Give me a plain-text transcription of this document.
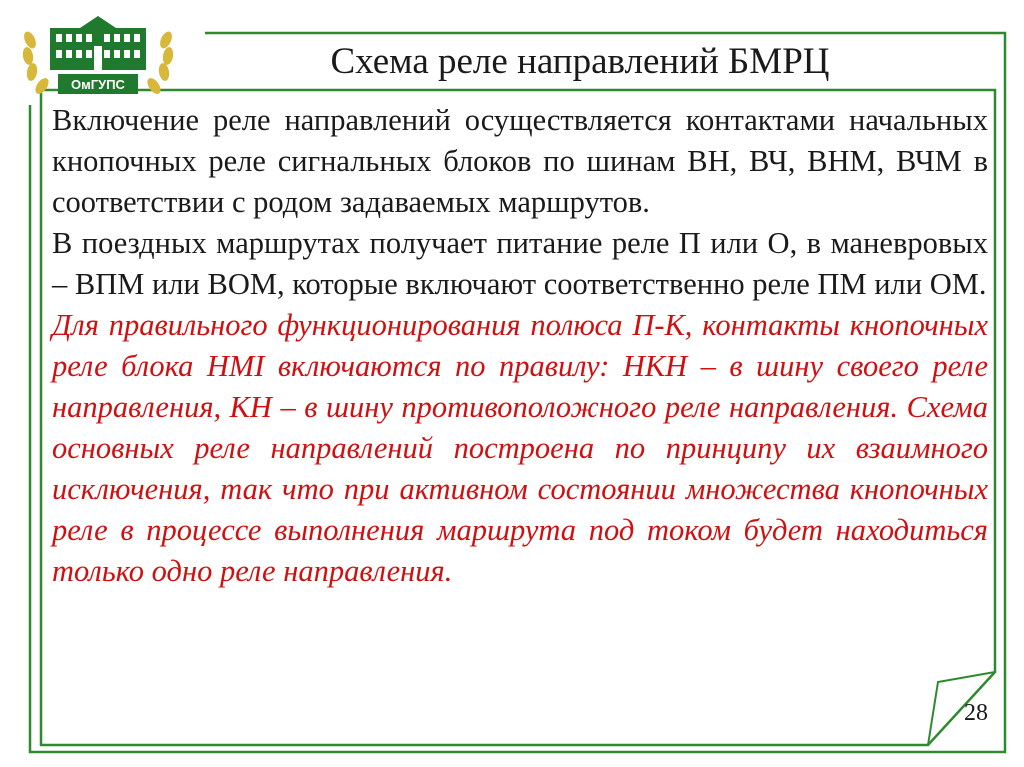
ОмГУПС
Схема реле направлений БМРЦ

Включение реле направлений осуществляется контактами начальных кнопочных реле сигнальных блоков по шинам ВН, ВЧ, ВНМ, ВЧМ в соответствии с родом задаваемых маршрутов.

В поездных маршрутах получает питание реле П или О, в маневровых – ВПМ или ВОМ, которые включают соответственно реле ПМ или ОМ.

Для правильного функционирования полюса П-К, контакты кнопочных реле блока НМІ включаются по правилу: НКН – в шину своего реле направления, КН – в шину противоположного реле направления. Схема основных реле направлений построена по принципу их взаимного исключения, так что при активном состоянии множества кнопочных реле в процессе выполнения маршрута под током будет находиться только одно реле направления.

28
